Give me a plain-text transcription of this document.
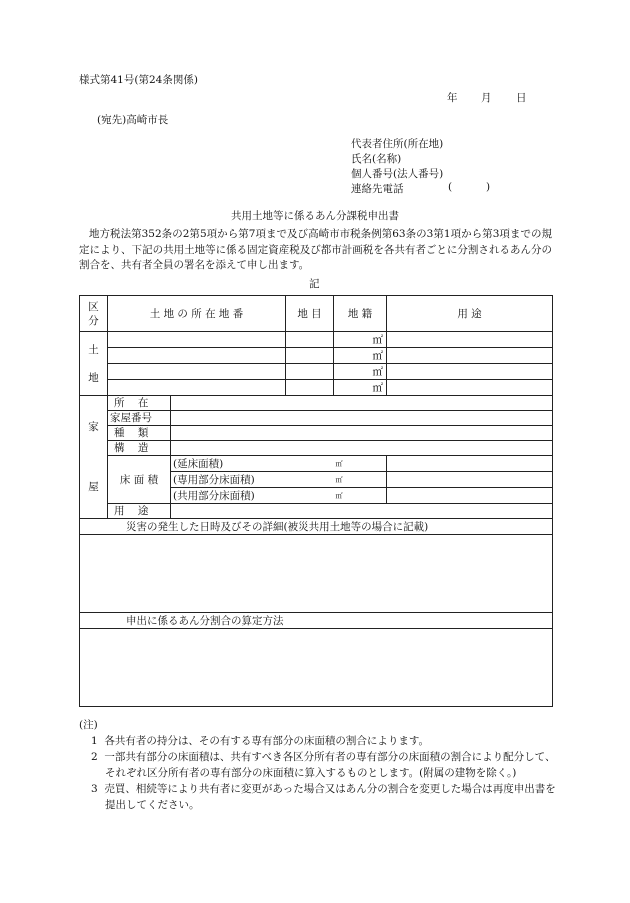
様式第41号(第24条関係)
年 月 日
(宛先)高崎市長
代表者住所(所在地)
氏名(名称)
個人番号(法人番号)
連絡先電話	(	)
共用土地等に係るあん分課税申出書
地方税法第352条の2第5項から第7項まで及び高崎市市税条例第63条の3第1項から第3項までの規定により、下記の共用土地等に係る固定資産税及び都市計画税を各共有者ごとに分割されるあん分の割合を、共有者全員の署名を添えて申し出ます。
記
区
分	土 地 の 所 在 地 番		地 目	地 籍	用 途

土
地				㎡	
				㎡	
				㎡	
				㎡	

家
屋	所 在				
	家屋番号				
	種 類				
	構 造				
	床 面 積	(延床面積)		㎡	
		(専用部分床面積)		㎡	
		(共用部分床面積)		㎡	
	用 途				
災害の発生した日時及びその詳細(被災共用土地等の場合に記載)					

申出に係るあん分割合の算定方法					

(注)
1 各共有者の持分は、その有する専有部分の床面積の割合によります。
2 一部共有部分の床面積は、共有すべき各区分所有者の専有部分の床面積の割合により配分して、それぞれ区分所有者の専有部分の床面積に算入するものとします。(附属の建物を除く。)
3 売買、相続等により共有者に変更があった場合又はあん分の割合を変更した場合は再度申出書を提出してください。
